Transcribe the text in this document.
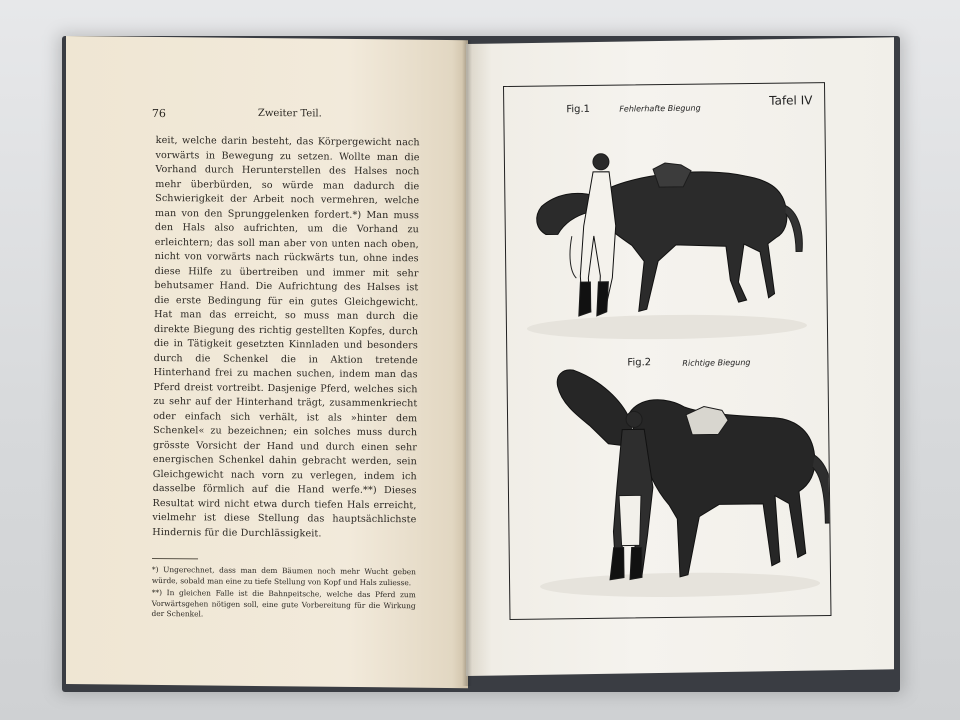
76	Zweiter Teil.

keit, welche darin besteht, das Körpergewicht nach vorwärts in Bewegung zu setzen. Wollte man die Vorhand durch Herunterstellen des Halses noch mehr überbürden, so würde man dadurch die Schwierigkeit der Arbeit noch vermehren, welche man von den Sprunggelenken fordert.*) Man muss den Hals also aufrichten, um die Vorhand zu erleichtern; das soll man aber von unten nach oben, nicht von vorwärts nach rückwärts tun, ohne indes diese Hilfe zu übertreiben und immer mit sehr behutsamer Hand. Die Aufrichtung des Halses ist die erste Bedingung für ein gutes Gleichgewicht. Hat man das erreicht, so muss man durch die direkte Biegung des richtig gestellten Kopfes, durch die in Tätigkeit gesetzten Kinnladen und besonders durch die Schenkel die in Aktion tretende Hinterhand frei zu machen suchen, indem man das Pferd dreist vortreibt. Dasjenige Pferd, welches sich zu sehr auf der Hinterhand trägt, zusammenkriecht oder einfach sich verhält, ist als »hinter dem Schenkel« zu bezeichnen; ein solches muss durch grösste Vorsicht der Hand und durch einen sehr energischen Schenkel dahin gebracht werden, sein Gleichgewicht nach vorn zu verlegen, indem ich dasselbe förmlich auf die Hand werfe.**) Dieses Resultat wird nicht etwa durch tiefen Hals erreicht, vielmehr ist diese Stellung das hauptsächlichste Hindernis für die Durchlässigkeit.

*) Ungerechnet, dass man dem Bäumen noch mehr Wucht geben würde, sobald man eine zu tiefe Stellung von Kopf und Hals zuliesse.

**) In gleichen Falle ist die Bahnpeitsche, welche das Pferd zum Vorwärtsgehen nötigen soll, eine gute Vorbereitung für die Wirkung der Schenkel.

Fig.1	Fehlerhafte Biegung
Tafel IV
Fig.2	Richtige Biegung
